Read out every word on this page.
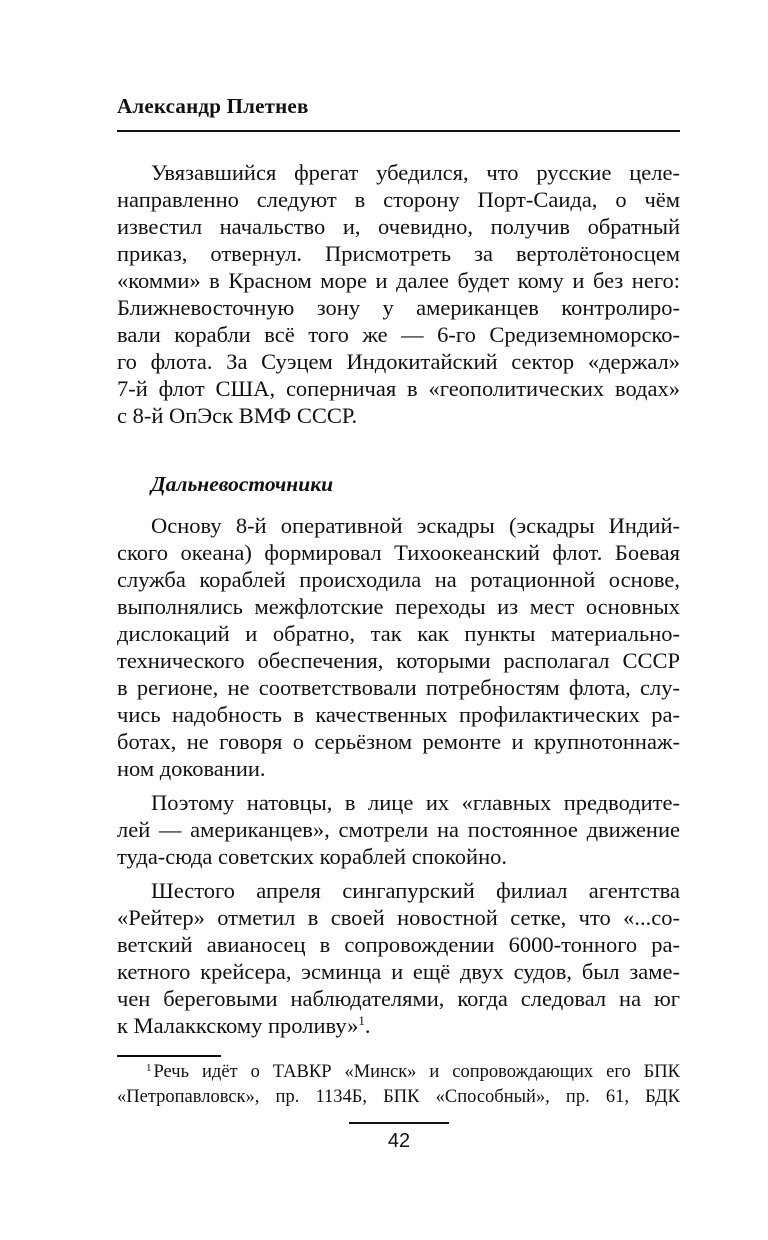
Александр Плетнев
Увязавшийся фрегат убедился, что русские целе-
направленно следуют в сторону Порт-Саида, о чём
известил начальство и, очевидно, получив обратный
приказ, отвернул. Присмотреть за вертолётоносцем
«комми» в Красном море и далее будет кому и без него:
Ближневосточную зону у американцев контролиро-
вали корабли всё того же — 6-го Средиземноморско-
го флота. За Суэцем Индокитайский сектор «держал»
7-й флот США, соперничая в «геополитических водах»
с 8-й ОпЭск ВМФ СССР.
Дальневосточники
Основу 8-й оперативной эскадры (эскадры Индий-
ского океана) формировал Тихоокеанский флот. Боевая
служба кораблей происходила на ротационной основе,
выполнялись межфлотские переходы из мест основных
дислокаций и обратно, так как пункты материально-
технического обеспечения, которыми располагал СССР
в регионе, не соответствовали потребностям флота, слу-
чись надобность в качественных профилактических ра-
ботах, не говоря о серьёзном ремонте и крупнотоннаж-
ном доковании.
Поэтому натовцы, в лице их «главных предводите-
лей — американцев», смотрели на постоянное движение
туда-сюда советских кораблей спокойно.
Шестого апреля сингапурский филиал агентства
«Рейтер» отметил в своей новостной сетке, что «...со-
ветский авианосец в сопровождении 6000-тонного ра-
кетного крейсера, эсминца и ещё двух судов, был заме-
чен береговыми наблюдателями, когда следовал на юг
к Малаккскому проливу»$^1$.
$^1$ Речь идёт о ТАВКР «Минск» и сопровождающих его БПК
«Петропавловск», пр. 1134Б, БПК «Способный», пр. 61, БДК
42
